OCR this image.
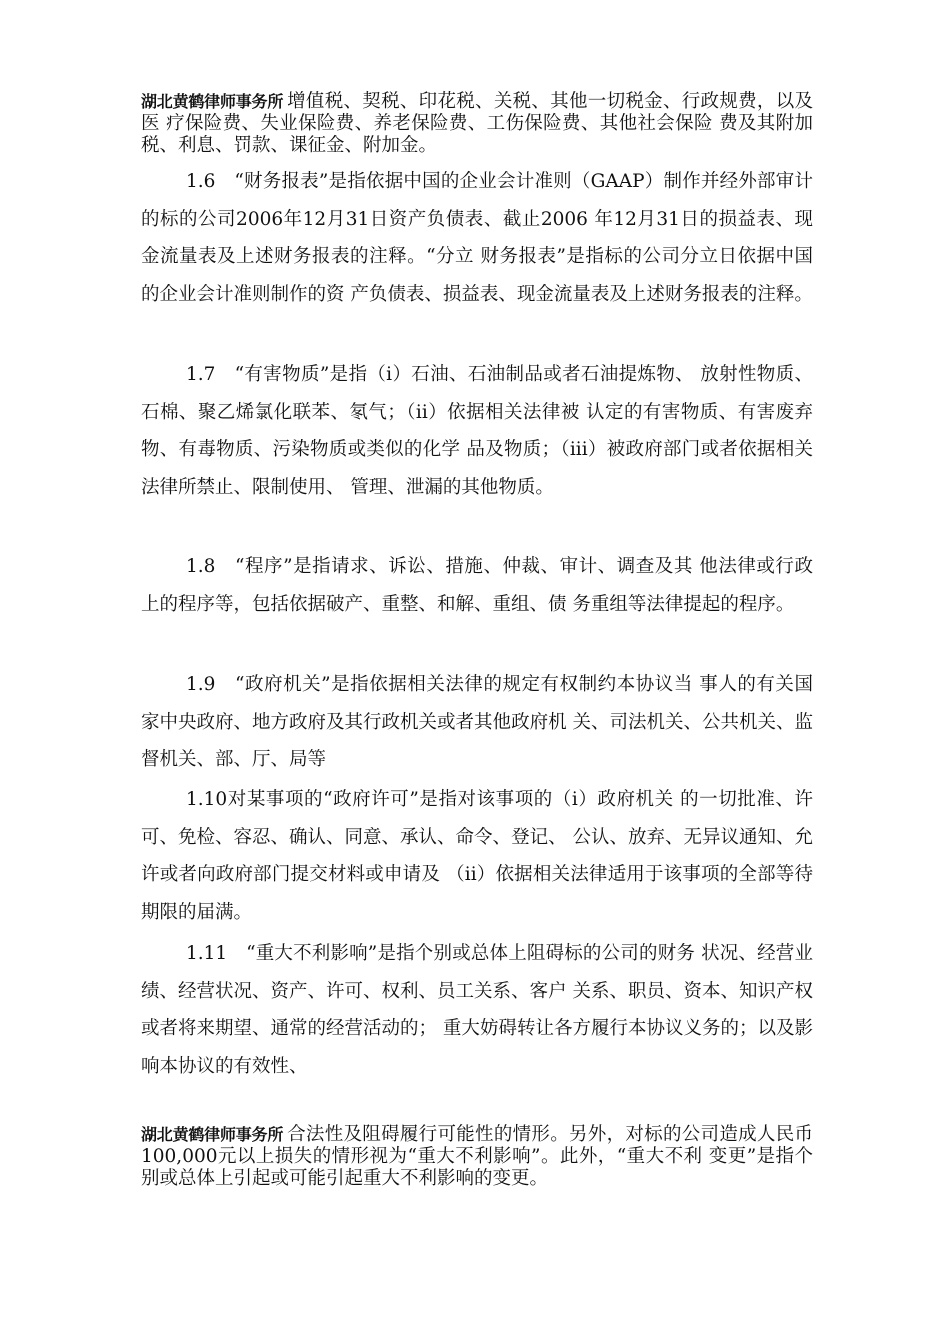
湖北黄鹤律师事务所 增值税、契税、印花税、关税、其他一切税金、行政规费，以及医 疗保险费、失业保险费、养老保险费、工伤保险费、其他社会保险 费及其附加税、利息、罚款、课征金、附加金。

1.6　 “财务报表”是指依据中国的企业会计准则（GAAP）制作并经外部审计的标的公司2006年12月31日资产负债表、截止2006 年12月31日的损益表、现金流量表及上述财务报表的注释。“分立 财务报表”是指标的公司分立日依据中国的企业会计准则制作的资 产负债表、损益表、现金流量表及上述财务报表的注释。

1.7　 “有害物质”是指（i）石油、石油制品或者石油提炼物、 放射性物质、石棉、聚乙烯氯化联苯、氡气；（ii）依据相关法律被 认定的有害物质、有害废弃物、有毒物质、污染物质或类似的化学 品及物质；（iii）被政府部门或者依据相关法律所禁止、限制使用、 管理、泄漏的其他物质。

1.8　 “程序”是指请求、诉讼、措施、仲裁、审计、调查及其 他法律或行政上的程序等，包括依据破产、重整、和解、重组、债 务重组等法律提起的程序。

1.9　 “政府机关”是指依据相关法律的规定有权制约本协议当 事人的有关国家中央政府、地方政府及其行政机关或者其他政府机 关、司法机关、公共机关、监督机关、部、厅、局等

1.10对某事项的“政府许可”是指对该事项的（i）政府机关 的一切批准、许可、免检、容忍、确认、同意、承认、命令、登记、 公认、放弃、无异议通知、允许或者向政府部门提交材料或申请及 （ii）依据相关法律适用于该事项的全部等待期限的届满。

1.11　 “重大不利影响”是指个别或总体上阻碍标的公司的财务 状况、经营业绩、经营状况、资产、许可、权利、员工关系、客户 关系、职员、资本、知识产权或者将来期望、通常的经营活动的； 重大妨碍转让各方履行本协议义务的；以及影响本协议的有效性、

湖北黄鹤律师事务所 合法性及阻碍履行可能性的情形。另外，对标的公司造成人民币 100,000元以上损失的情形视为“重大不利影响”。此外，“重大不利 变更”是指个别或总体上引起或可能引起重大不利影响的变更。
